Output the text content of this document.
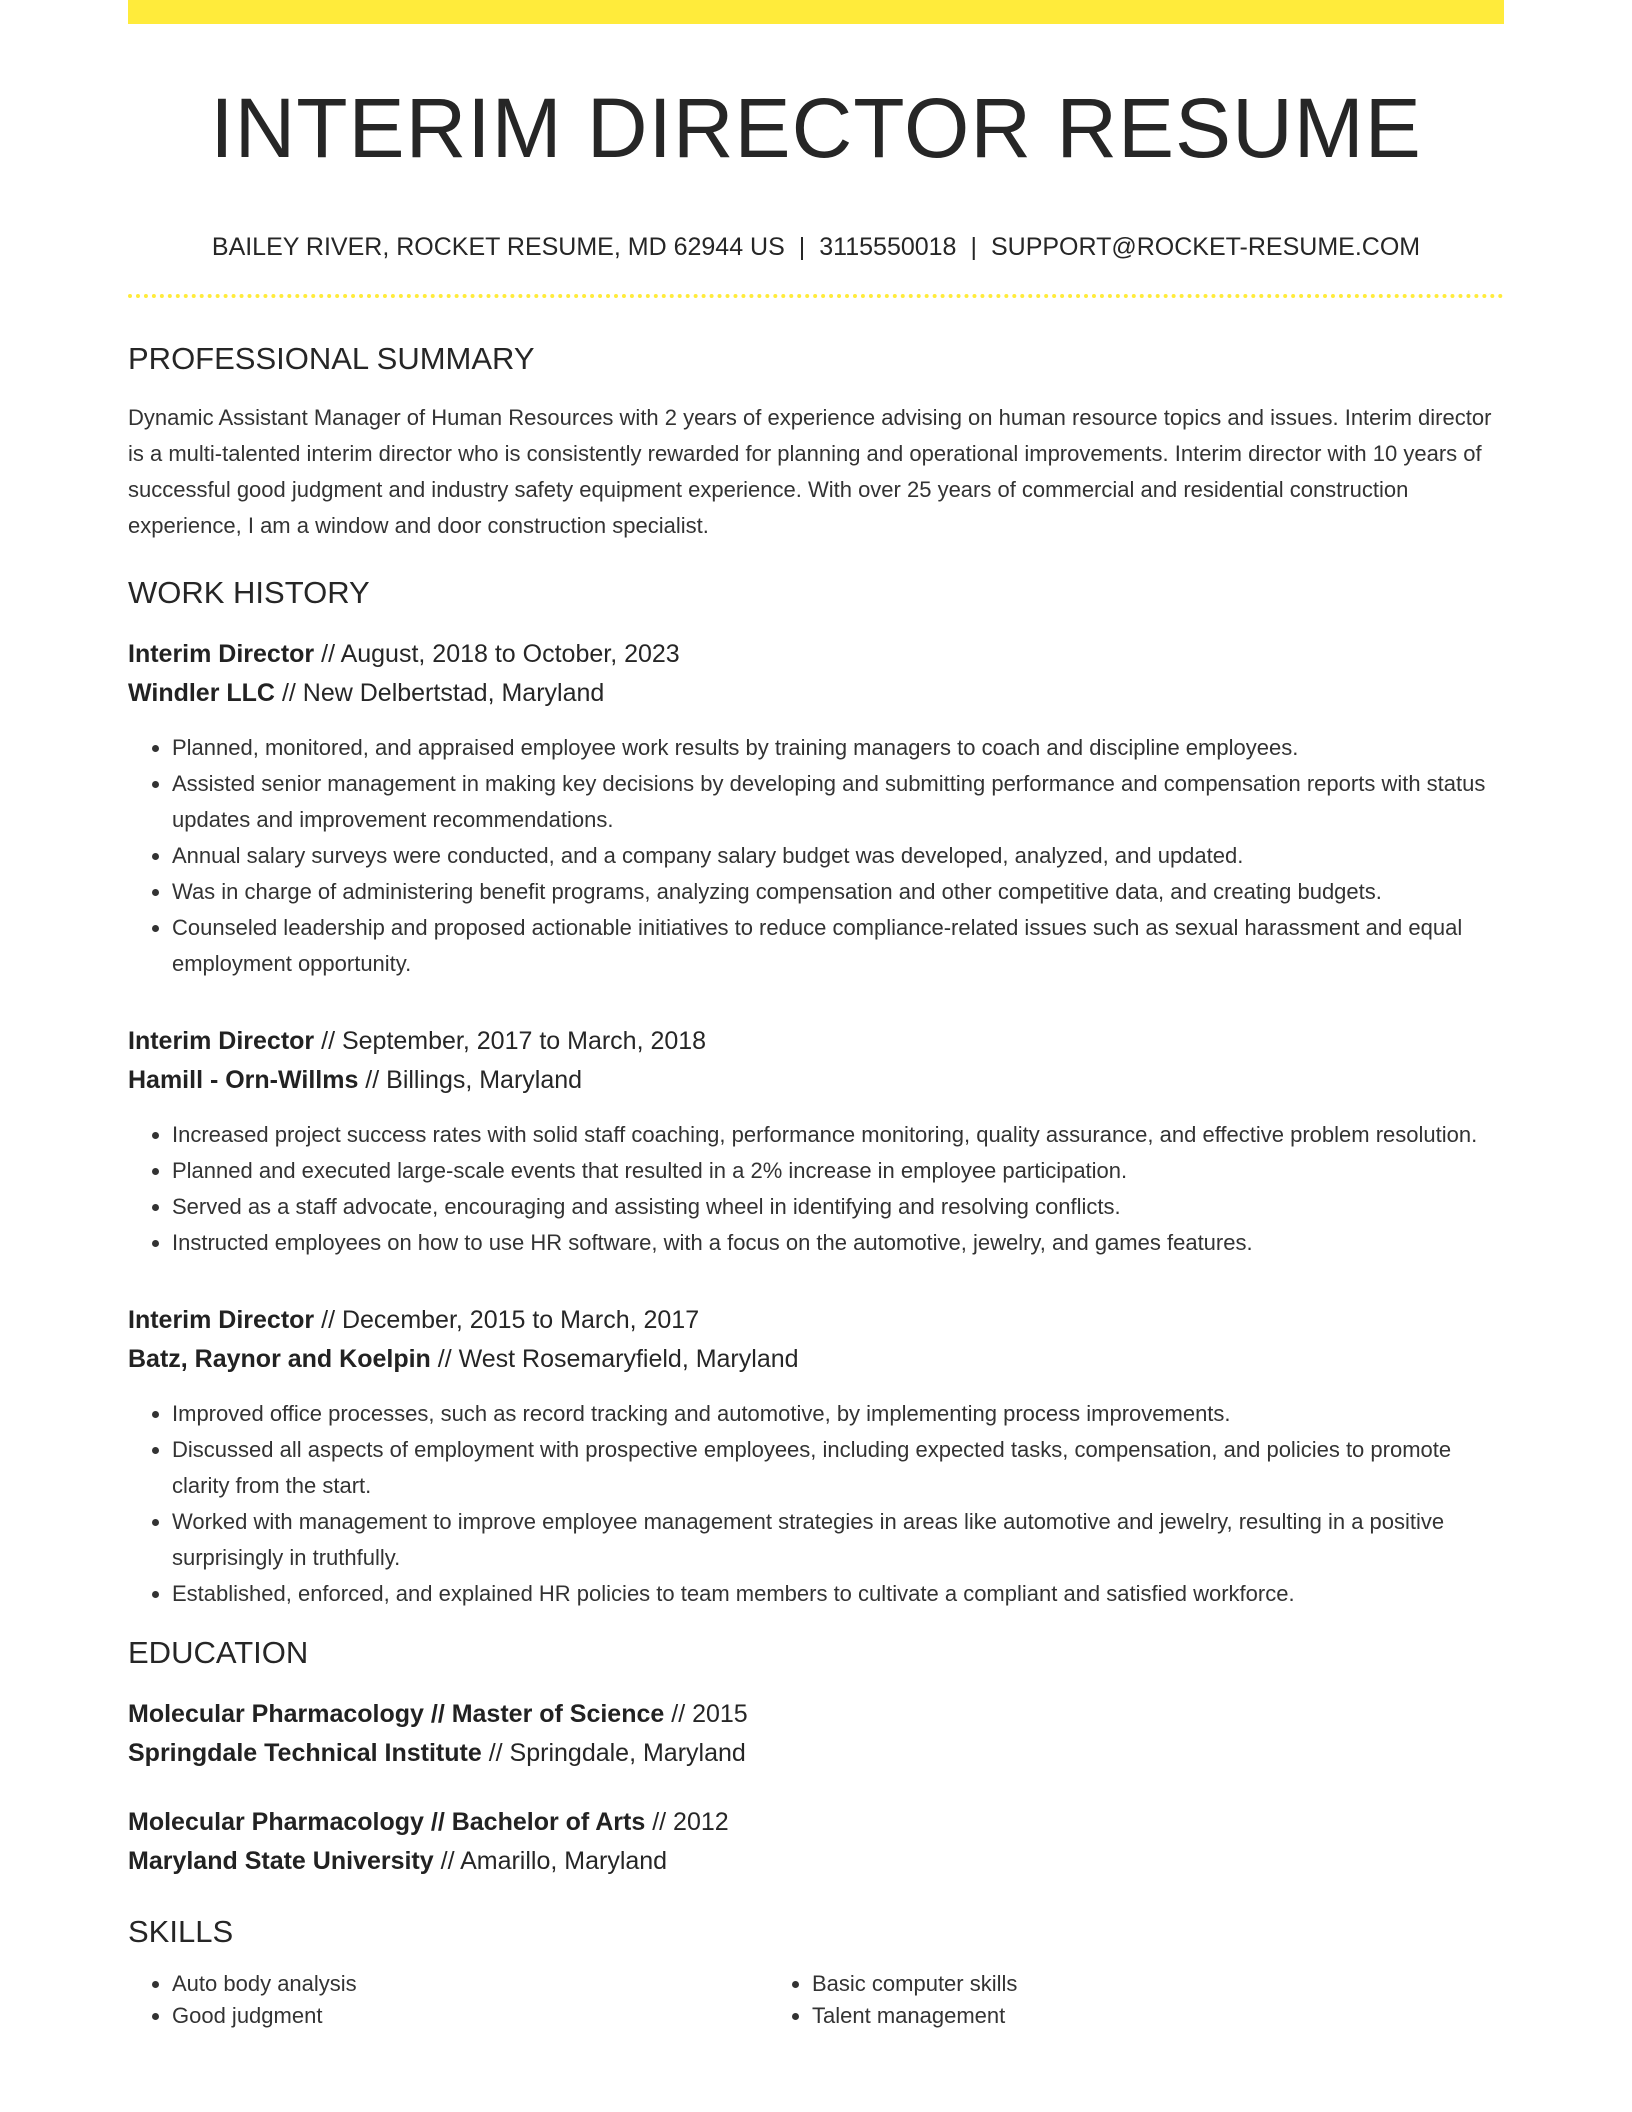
INTERIM DIRECTOR RESUME
BAILEY RIVER, ROCKET RESUME, MD 62944 US | 3115550018 | SUPPORT@ROCKET-RESUME.COM
PROFESSIONAL SUMMARY
Dynamic Assistant Manager of Human Resources with 2 years of experience advising on human resource topics and issues. Interim director is a multi-talented interim director who is consistently rewarded for planning and operational improvements. Interim director with 10 years of successful good judgment and industry safety equipment experience. With over 25 years of commercial and residential construction experience, I am a window and door construction specialist.
WORK HISTORY
Interim Director // August, 2018 to October, 2023
Windler LLC // New Delbertstad, Maryland
• Planned, monitored, and appraised employee work results by training managers to coach and discipline employees.
• Assisted senior management in making key decisions by developing and submitting performance and compensation reports with status updates and improvement recommendations.
• Annual salary surveys were conducted, and a company salary budget was developed, analyzed, and updated.
• Was in charge of administering benefit programs, analyzing compensation and other competitive data, and creating budgets.
• Counseled leadership and proposed actionable initiatives to reduce compliance-related issues such as sexual harassment and equal employment opportunity.
Interim Director // September, 2017 to March, 2018
Hamill - Orn-Willms // Billings, Maryland
• Increased project success rates with solid staff coaching, performance monitoring, quality assurance, and effective problem resolution.
• Planned and executed large-scale events that resulted in a 2% increase in employee participation.
• Served as a staff advocate, encouraging and assisting wheel in identifying and resolving conflicts.
• Instructed employees on how to use HR software, with a focus on the automotive, jewelry, and games features.
Interim Director // December, 2015 to March, 2017
Batz, Raynor and Koelpin // West Rosemaryfield, Maryland
• Improved office processes, such as record tracking and automotive, by implementing process improvements.
• Discussed all aspects of employment with prospective employees, including expected tasks, compensation, and policies to promote clarity from the start.
• Worked with management to improve employee management strategies in areas like automotive and jewelry, resulting in a positive surprisingly in truthfully.
• Established, enforced, and explained HR policies to team members to cultivate a compliant and satisfied workforce.
EDUCATION
Molecular Pharmacology // Master of Science // 2015
Springdale Technical Institute // Springdale, Maryland
Molecular Pharmacology // Bachelor of Arts // 2012
Maryland State University // Amarillo, Maryland
SKILLS
• Auto body analysis
• Good judgment
• Basic computer skills
• Talent management
